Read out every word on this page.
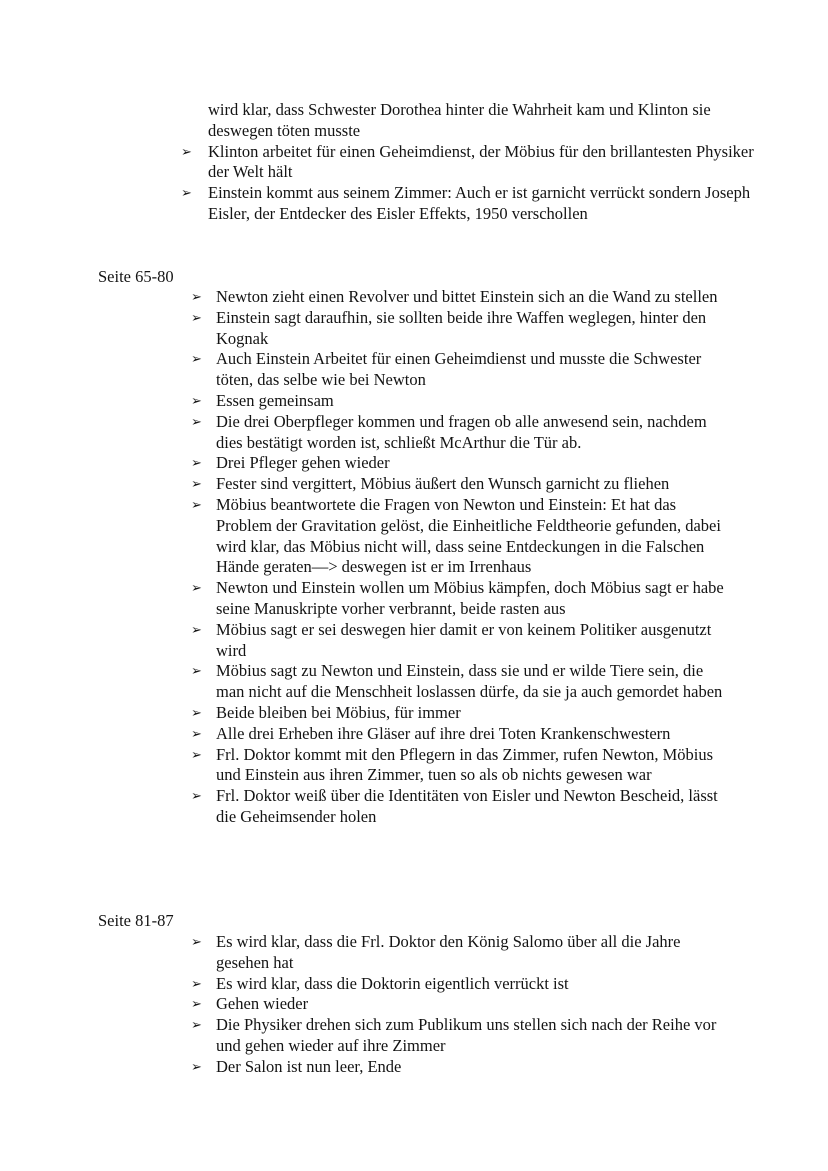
wird klar, dass Schwester Dorothea hinter die Wahrheit kam und Klinton sie deswegen töten musste
➢ Klinton arbeitet für einen Geheimdienst, der Möbius für den brillantesten Physiker der Welt hält
➢ Einstein kommt aus seinem Zimmer: Auch er ist garnicht verrückt sondern Joseph Eisler, der Entdecker des Eisler Effekts, 1950 verschollen
Seite 65-80
➢ Newton zieht einen Revolver und bittet Einstein sich an die Wand zu stellen
➢ Einstein sagt daraufhin, sie sollten beide ihre Waffen weglegen, hinter den Kognak
➢ Auch Einstein Arbeitet für einen Geheimdienst und musste die Schwester töten, das selbe wie bei Newton
➢ Essen gemeinsam
➢ Die drei Oberpfleger kommen und fragen ob alle anwesend sein, nachdem dies bestätigt worden ist, schließt McArthur die Tür ab.
➢ Drei Pfleger gehen wieder
➢ Fester sind vergittert, Möbius äußert den Wunsch garnicht zu fliehen
➢ Möbius beantwortete die Fragen von Newton und Einstein: Et hat das Problem der Gravitation gelöst, die Einheitliche Feldtheorie gefunden, dabei wird klar, das Möbius nicht will, dass seine Entdeckungen in die Falschen Hände geraten—> deswegen ist er im Irrenhaus
➢ Newton und Einstein wollen um Möbius kämpfen, doch Möbius sagt er habe seine Manuskripte vorher verbrannt, beide rasten aus
➢ Möbius sagt er sei deswegen hier damit er von keinem Politiker ausgenutzt wird
➢ Möbius sagt zu Newton und Einstein, dass sie und er wilde Tiere sein, die man nicht auf die Menschheit loslassen dürfe, da sie ja auch gemordet haben
➢ Beide bleiben bei Möbius, für immer
➢ Alle drei Erheben ihre Gläser auf ihre drei Toten Krankenschwestern
➢ Frl. Doktor kommt mit den Pflegern in das Zimmer, rufen Newton, Möbius und Einstein aus ihren Zimmer, tuen so als ob nichts gewesen war
➢ Frl. Doktor weiß über die Identitäten von Eisler und Newton Bescheid, lässt die Geheimsender holen
Seite 81-87
➢ Es wird klar, dass die Frl. Doktor den König Salomo über all die Jahre gesehen hat
➢ Es wird klar, dass die Doktorin eigentlich verrückt ist
➢ Gehen wieder
➢ Die Physiker drehen sich zum Publikum uns stellen sich nach der Reihe vor und gehen wieder auf ihre Zimmer
➢ Der Salon ist nun leer, Ende
